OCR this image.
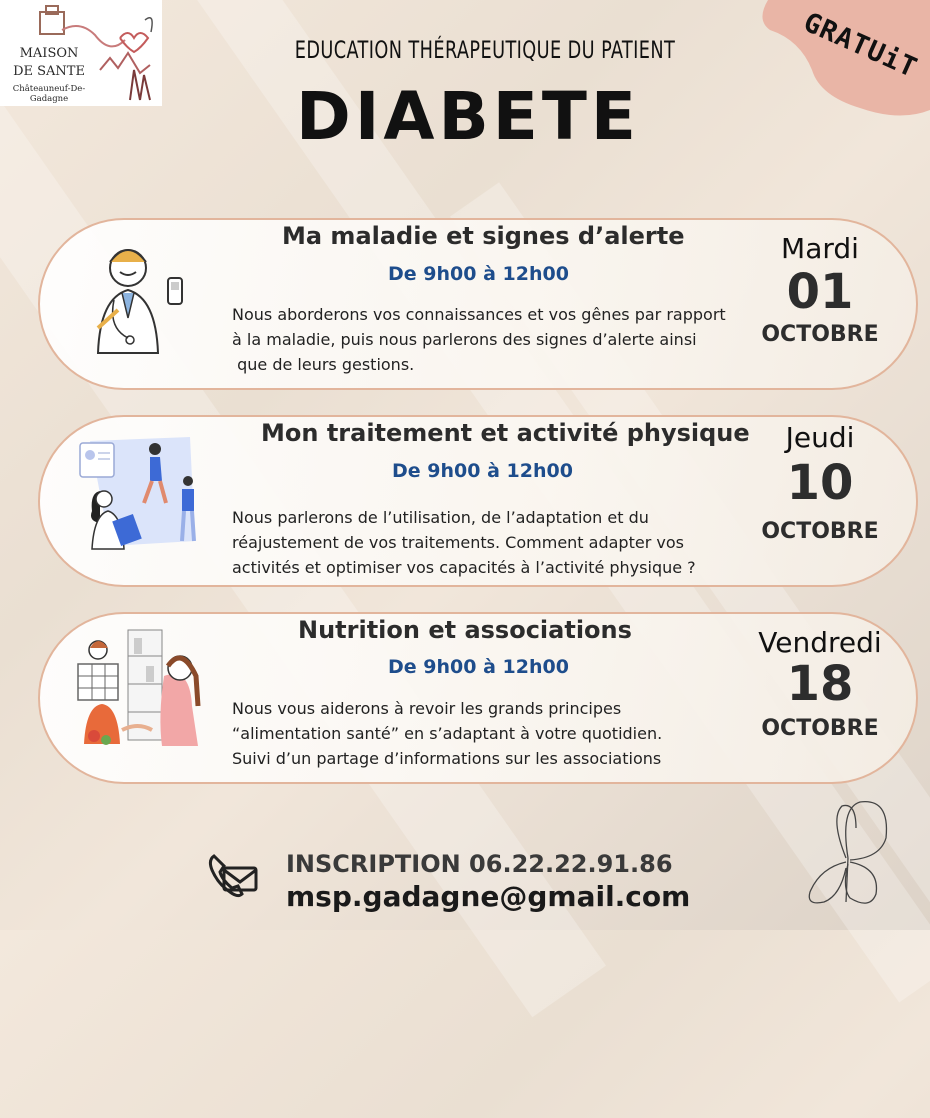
MAISON
DE SANTE
Châteauneuf-De-Gadagne
GRATUiT
EDUCATION THÉRAPEUTIQUE DU PATIENT
DIABETE
Ma maladie et signes d’alerte
De 9h00 à 12h00
Nous aborderons vos connaissances et vos gênes par rapport
à la maladie, puis nous parlerons des signes d’alerte ainsi
que de leurs gestions.
Mardi
01
OCTOBRE
Mon traitement et activité physique
De 9h00 à 12h00
Nous parlerons de l’utilisation, de l’adaptation et du
réajustement de vos traitements. Comment adapter vos
activités et optimiser vos capacités à l’activité physique ?
Jeudi
10
OCTOBRE
Nutrition et associations
De 9h00 à 12h00
Nous vous aiderons à revoir les grands principes
“alimentation santé” en s’adaptant à votre quotidien.
Suivi d’un partage d’informations sur les associations
Vendredi
18
OCTOBRE
INSCRIPTION 06.22.22.91.86
msp.gadagne@gmail.com
